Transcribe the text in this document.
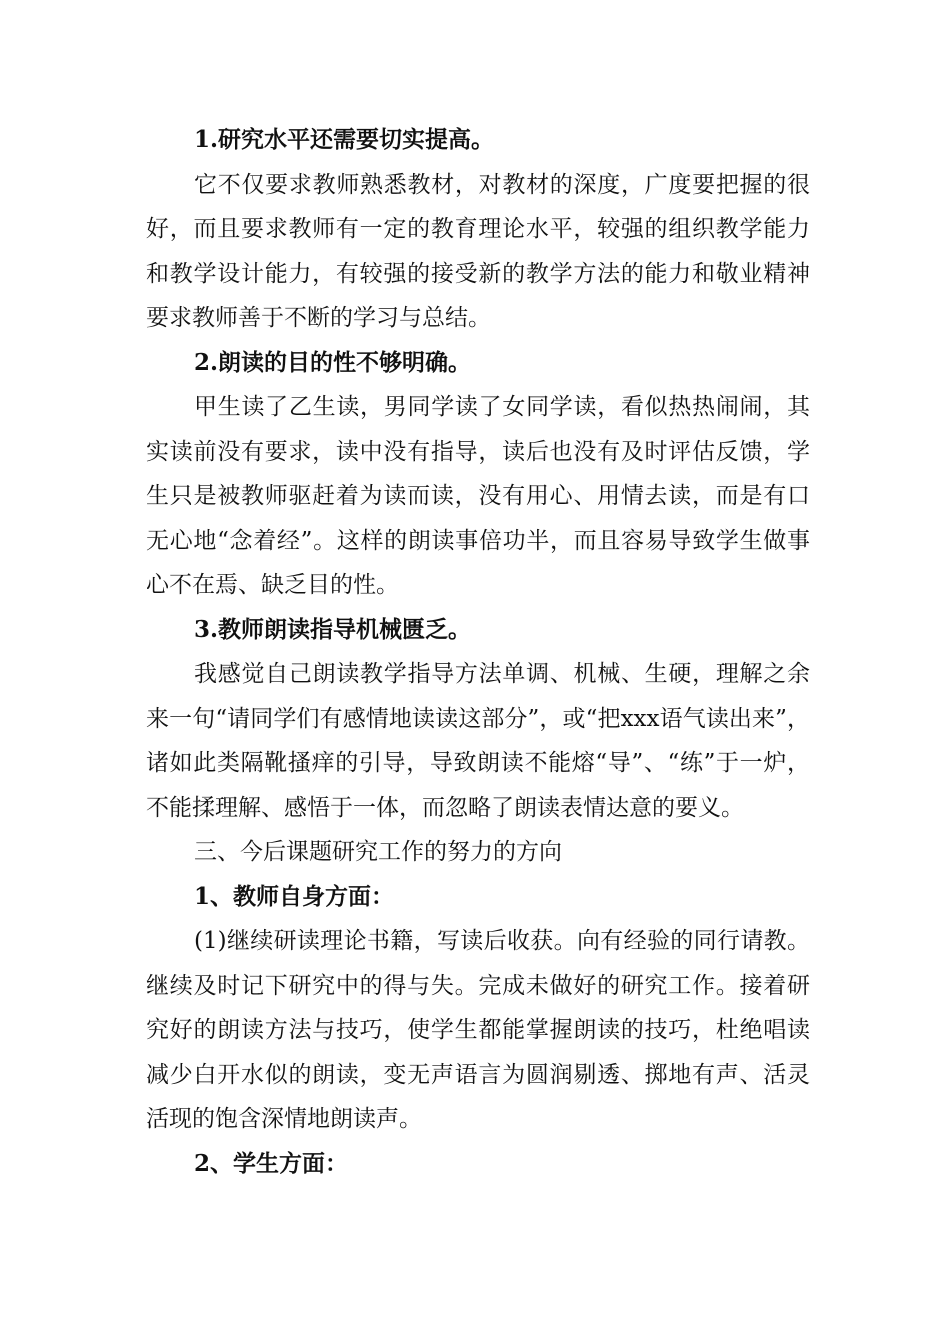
1.研究水平还需要切实提高。

它不仅要求教师熟悉教材，对教材的深度，广度要把握的很好，而且要求教师有一定的教育理论水平，较强的组织教学能力和教学设计能力，有较强的接受新的教学方法的能力和敬业精神要求教师善于不断的学习与总结。

2.朗读的目的性不够明确。

甲生读了乙生读，男同学读了女同学读，看似热热闹闹，其实读前没有要求，读中没有指导，读后也没有及时评估反馈，学生只是被教师驱赶着为读而读，没有用心、用情去读，而是有口无心地“念着经”。这样的朗读事倍功半，而且容易导致学生做事心不在焉、缺乏目的性。

3.教师朗读指导机械匮乏。

我感觉自己朗读教学指导方法单调、机械、生硬，理解之余来一句“请同学们有感情地读读这部分”，或“把xxx语气读出来”，诸如此类隔靴搔痒的引导，导致朗读不能熔“导”、“练”于一炉，不能揉理解、感悟于一体，而忽略了朗读表情达意的要义。

三、今后课题研究工作的努力的方向

1、教师自身方面：

(1)继续研读理论书籍，写读后收获。向有经验的同行请教。继续及时记下研究中的得与失。完成未做好的研究工作。接着研究好的朗读方法与技巧，使学生都能掌握朗读的技巧，杜绝唱读减少白开水似的朗读，变无声语言为圆润剔透、掷地有声、活灵活现的饱含深情地朗读声。

2、学生方面：
